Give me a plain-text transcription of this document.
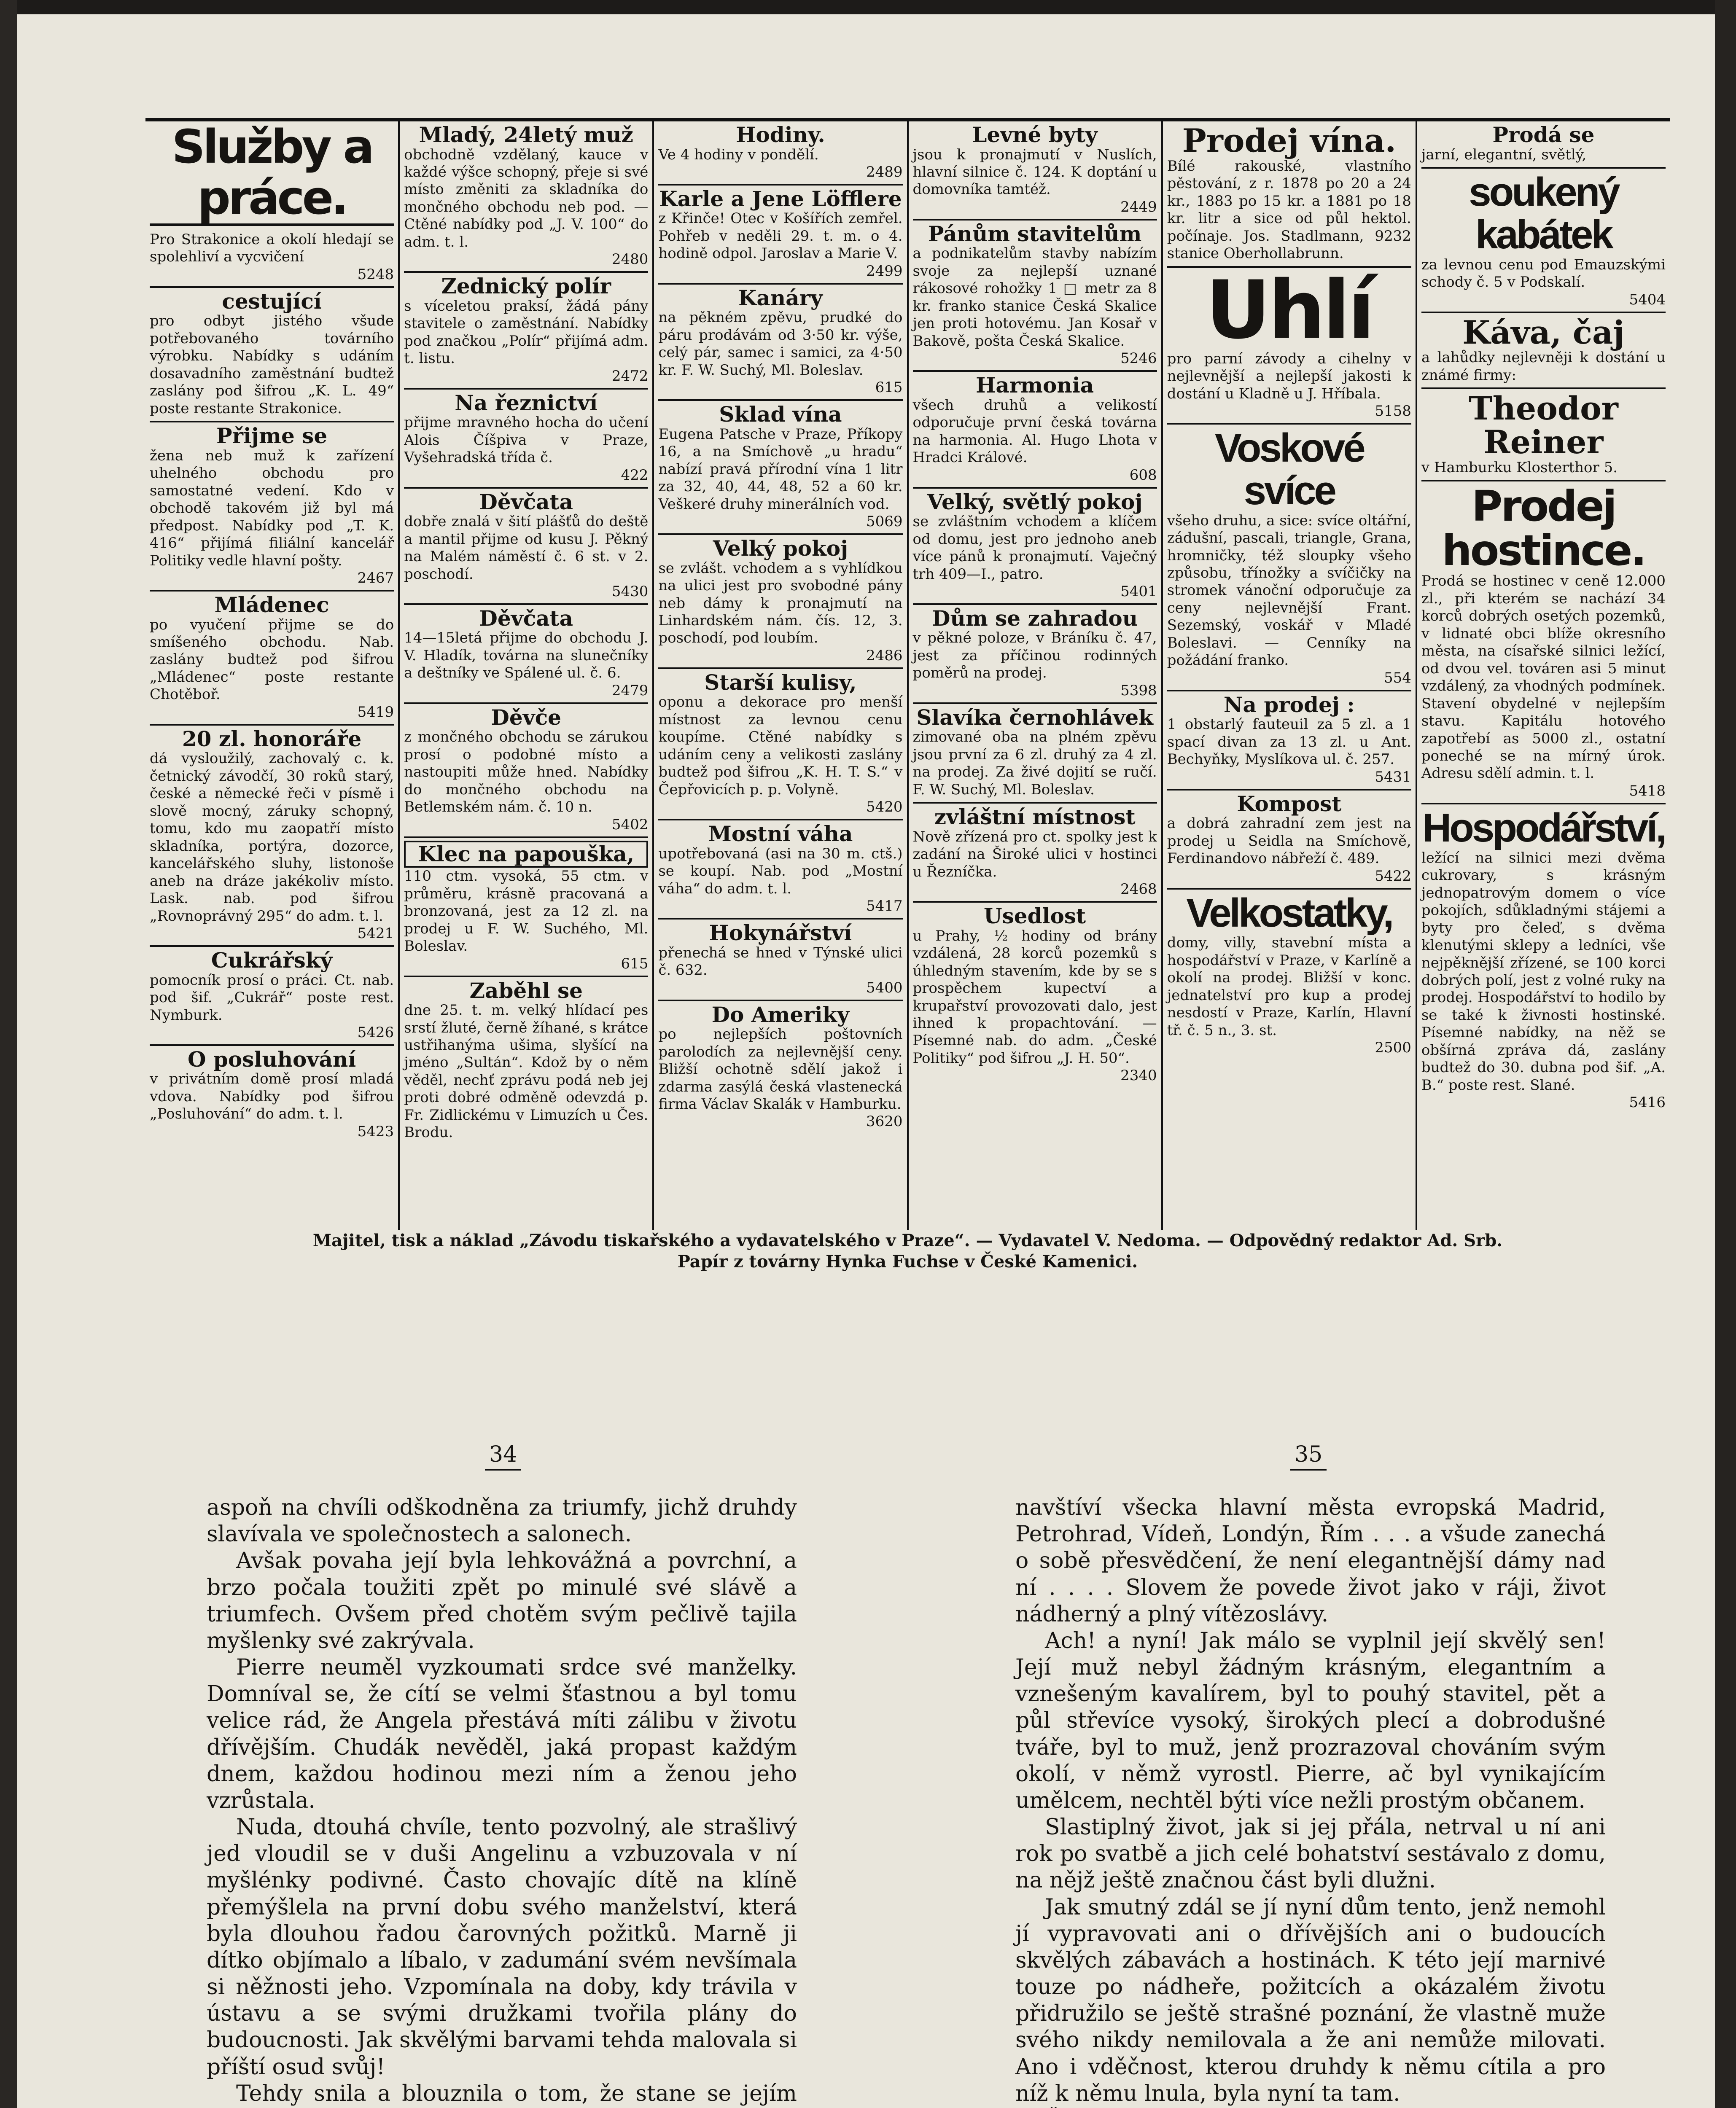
Služby a práce.

Pro Strakonice a okolí hledají se spolehliví a vycvičení

5248
cestující

pro odbyt jistého všude potřebovaného továrního výrobku. Nabídky s udáním dosavadního zaměstnání budtež zaslány pod šifrou „K. L. 49“ poste restante Strakonice.

Přijme se

žena neb muž k zařízení uhelného obchodu pro samostatné vedení. Kdo v obchodě takovém již byl má předpost. Nabídky pod „T. K. 416“ přijímá filiální kancelář Politiky vedle hlavní pošty.

2467
Mládenec

po vyučení přijme se do smíšeného obchodu. Nab. zaslány budtež pod šifrou „Mládenec“ poste restante Chotěboř.

5419
20 zl. honoráře

dá vysloužilý, zachovalý c. k. četnický závodčí, 30 roků starý, české a německé řeči v písmě i slově mocný, záruky schopný, tomu, kdo mu zaopatří místo skladníka, portýra, dozorce, kancelářského sluhy, listonoše aneb na dráze jakékoliv místo. Lask. nab. pod šifrou „Rovnoprávný 295“ do adm. t. l.

5421
Cukrářský

pomocník prosí o práci. Ct. nab. pod šif. „Cukrář“ poste rest. Nymburk.

5426
O posluhování

v privátním domě prosí mladá vdova. Nabídky pod šifrou „Posluhování“ do adm. t. l.

5423
Mladý, 24letý muž

obchodně vzdělaný, kauce v každé výšce schopný, přeje si své místo změniti za skladníka do mončného obchodu neb pod. — Ctěné nabídky pod „J. V. 100“ do adm. t. l.

2480
Zednický polír

s víceletou praksí, žádá pány stavitele o zaměstnání. Nabídky pod značkou „Polír“ přijímá adm. t. listu.

2472
Na řeznictví

přijme mravného hocha do učení Alois Číšpiva v Praze, Vyšehradská třída č.

422
Děvčata

dobře znalá v šití plášťů do deště a mantil přijme od kusu J. Pěkný na Malém náměstí č. 6 st. v 2. poschodí.

5430
Děvčata

14—15letá přijme do obchodu J. V. Hladík, továrna na slunečníky a deštníky ve Spálené ul. č. 6.

2479
Děvče

z mončného obchodu se zárukou prosí o podobné místo a nastoupiti může hned. Nabídky do mončného obchodu na Betlemském nám. č. 10 n.

5402
Klec na papouška,

110 ctm. vysoká, 55 ctm. v průměru, krásně pracovaná a bronzovaná, jest za 12 zl. na prodej u F. W. Suchého, Ml. Boleslav.

615
Zaběhl se

dne 25. t. m. velký hlídací pes srstí žluté, černě žíhané, s krátce ustřihanýma ušima, slyšící na jméno „Sultán“. Kdož by o něm věděl, nechť zprávu podá neb jej proti dobré odměně odevzdá p. Fr. Zidlickému v Limuzích u Čes. Brodu.

Hodiny.

Ve 4 hodiny v pondělí.

2489
Karle a Jene Löfflere

z Křinče! Otec v Košířích zemřel. Pohřeb v neděli 29. t. m. o 4. hodině odpol. Jaroslav a Marie V.

2499
Kanáry

na pěkném zpěvu, prudké do páru prodávám od 3·50 kr. výše, celý pár, samec i samici, za 4·50 kr. F. W. Suchý, Ml. Boleslav.

615
Sklad vína

Eugena Patsche v Praze, Příkopy 16, a na Smíchově „u hradu“ nabízí pravá přírodní vína 1 litr za 32, 40, 44, 48, 52 a 60 kr. Veškeré druhy minerálních vod.

5069
Velký pokoj

se zvlášt. vchodem a s vyhlídkou na ulici jest pro svobodné pány neb dámy k pronajmutí na Linhardském nám. čís. 12, 3. poschodí, pod loubím.

2486
Starší kulisy,

oponu a dekorace pro menší místnost za levnou cenu koupíme. Ctěné nabídky s udáním ceny a velikosti zaslány budtež pod šifrou „K. H. T. S.“ v Čepřovicích p. p. Volyně.

5420
Mostní váha

upotřebovaná (asi na 30 m. ctš.) se koupí. Nab. pod „Mostní váha“ do adm. t. l.

5417
Hokynářství

přenechá se hned v Týnské ulici č. 632.

5400
Do Ameriky

po nejlepších poštovních parolodích za nejlevnější ceny. Bližší ochotně sdělí jakož i zdarma zasýlá česká vlastenecká firma Václav Skalák v Hamburku.

3620
Levné byty

jsou k pronajmutí v Nuslích, hlavní silnice č. 124. K doptání u domovníka tamtéž.

2449
Pánům stavitelům

a podnikatelům stavby nabízím svoje za nejlepší uznané rákosové rohožky 1 □ metr za 8 kr. franko stanice Česká Skalice jen proti hotovému. Jan Kosař v Bakově, pošta Česká Skalice.

5246
Harmonia

všech druhů a velikostí odporučuje první česká továrna na harmonia. Al. Hugo Lhota v Hradci Králové.

608
Velký, světlý pokoj

se zvláštním vchodem a klíčem od domu, jest pro jednoho aneb více pánů k pronajmutí. Vaječný trh 409—I., patro.

5401
Dům se zahradou

v pěkné poloze, v Bráníku č. 47, jest za příčinou rodinných poměrů na prodej.

5398
Slavíka černohlávek

zimované oba na plném zpěvu jsou první za 6 zl. druhý za 4 zl. na prodej. Za živé dojití se ručí. F. W. Suchý, Ml. Boleslav.

zvláštní místnost

Nově zřízená pro ct. spolky jest k zadání na Široké ulici v hostinci u Řezníčka.

2468
Usedlost

u Prahy, ½ hodiny od brány vzdálená, 28 korců pozemků s úhledným stavením, kde by se s prospěchem kupectví a krupařství provozovati dalo, jest ihned k propachtování. — Písemné nab. do adm. „České Politiky“ pod šifrou „J. H. 50“.

2340
Prodej vína.

Bílé rakouské, vlastního pěstování, z r. 1878 po 20 a 24 kr., 1883 po 15 kr. a 1881 po 18 kr. litr a sice od půl hektol. počínaje. Jos. Stadlmann, 9232 stanice Oberhollabrunn.

Uhlí

pro parní závody a cihelny v nejlevnější a nejlepší jakosti k dostání u Kladně u J. Hříbala.

5158
Voskové svíce

všeho druhu, a sice: svíce oltářní, zádušní, pascali, triangle, Grana, hromničky, též sloupky všeho způsobu, třínožky a svíčičky na stromek vánoční odporučuje za ceny nejlevnější Frant. Sezemský, voskář v Mladé Boleslavi. — Cenníky na požádání franko.

554
Na prodej :

1 obstarlý fauteuil za 5 zl. a 1 spací divan za 13 zl. u Ant. Bechyňky, Myslíkova ul. č. 257.

5431
Kompost

a dobrá zahradní zem jest na prodej u Seidla na Smíchově, Ferdinandovo nábřeží č. 489.

5422
Velkostatky,

domy, villy, stavební místa a hospodářství v Praze, v Karlíně a okolí na prodej. Bližší v konc. jednatelství pro kup a prodej nesdostí v Praze, Karlín, Hlavní tř. č. 5 n., 3. st.

2500
Prodá se

jarní, elegantní, světlý,

soukený kabátek

za levnou cenu pod Emauzskými schody č. 5 v Podskalí.

5404
Káva, čaj

a lahůdky nejlevněji k dostání u známé firmy:

Theodor Reiner

v Hamburku Klosterthor 5.

Prodej hostince.

Prodá se hostinec v ceně 12.000 zl., při kterém se nachází 34 korců dobrých osetých pozemků, v lidnaté obci blíže okresního města, na císařské silnici ležící, od dvou vel. továren asi 5 minut vzdálený, za vhodných podmínek. Stavení obydelné v nejlepším stavu. Kapitálu hotového zapotřebí as 5000 zl., ostatní poneché se na mírný úrok. Adresu sdělí admin. t. l.

5418
Hospodářství,

ležící na silnici mezi dvěma cukrovary, s krásným jednopatrovým domem o více pokojích, sdůkladnými stájemi a byty pro čeleď, s dvěma klenutými sklepy a ledníci, vše nejpěknější zřízené, se 100 korci dobrých polí, jest z volné ruky na prodej. Hospodářství to hodilo by se také k živnosti hostinské. Písemné nabídky, na něž se obšírná zpráva dá, zaslány budtež do 30. dubna pod šif. „A. B.“ poste rest. Slané.

5416
Majitel, tisk a náklad „Závodu tiskařského a vydavatelského v Praze“. — Vydavatel V. Nedoma. — Odpovědný redaktor Ad. Srb.
Papír z továrny Hynka Fuchse v České Kamenici.
34	35

aspoň na chvíli odškodněna za triumfy, jichž druhdy slavívala ve společnostech a salonech.

Avšak povaha její byla lehkovážná a povrchní, a brzo počala toužiti zpět po minulé své slávě a triumfech. Ovšem před chotěm svým pečlivě tajila myšlenky své zakrývala.

Pierre neuměl vyzkoumati srdce své manželky. Domníval se, že cítí se velmi šťastnou a byl tomu velice rád, že Angela přestává míti zálibu v životu dřívějším. Chudák nevěděl, jaká propast každým dnem, každou hodinou mezi ním a ženou jeho vzrůstala.

Nuda, dtouhá chvíle, tento pozvolný, ale strašlivý jed vloudil se v duši Angelinu a vzbuzovala v ní myšlénky podivné. Často chovajíc dítě na klíně přemýšlela na první dobu svého manželství, která byla dlouhou řadou čarovných požitků. Marně ji dítko objímalo a líbalo, v zadumání svém nevšímala si něžnosti jeho. Vzpomínala na doby, kdy trávila v ústavu a se svými družkami tvořila plány do budoucnosti. Jak skvělými barvami tehda malovala si příští osud svůj!

Tehdy snila a blouznila o tom, že stane se jejím

navštíví všecka hlavní města evropská Madrid, Petrohrad, Vídeň, Londýn, Řím . . . a všude zanechá o sobě přesvědčení, že není elegantnější dámy nad ní . . . . Slovem že povede život jako v ráji, život nádherný a plný vítězoslávy.

Ach! a nyní! Jak málo se vyplnil její skvělý sen! Její muž nebyl žádným krásným, elegantním a vznešeným kavalírem, byl to pouhý stavitel, pět a půl střevíce vysoký, širokých plecí a dobrodušné tváře, byl to muž, jenž prozrazoval chováním svým okolí, v němž vyrostl. Pierre, ač byl vynikajícím umělcem, nechtěl býti více nežli prostým občanem.

Slastiplný život, jak si jej přála, netrval u ní ani rok po svatbě a jich celé bohatství sestávalo z domu, na nějž ještě značnou část byli dlužni.

Jak smutný zdál se jí nyní dům tento, jenž nemohl jí vypravovati ani o dřívějších ani o budoucích skvělých zábavách a hostinách. K této její marnivé touze po nádheře, požitcích a okázalém životu přidružilo se ještě strašné poznání, že vlastně muže svého nikdy nemilovala a že ani nemůže milovati. Ano i vděčnost, kterou druhdy k němu cítila a pro níž k němu lnula, byla nyní ta tam.
